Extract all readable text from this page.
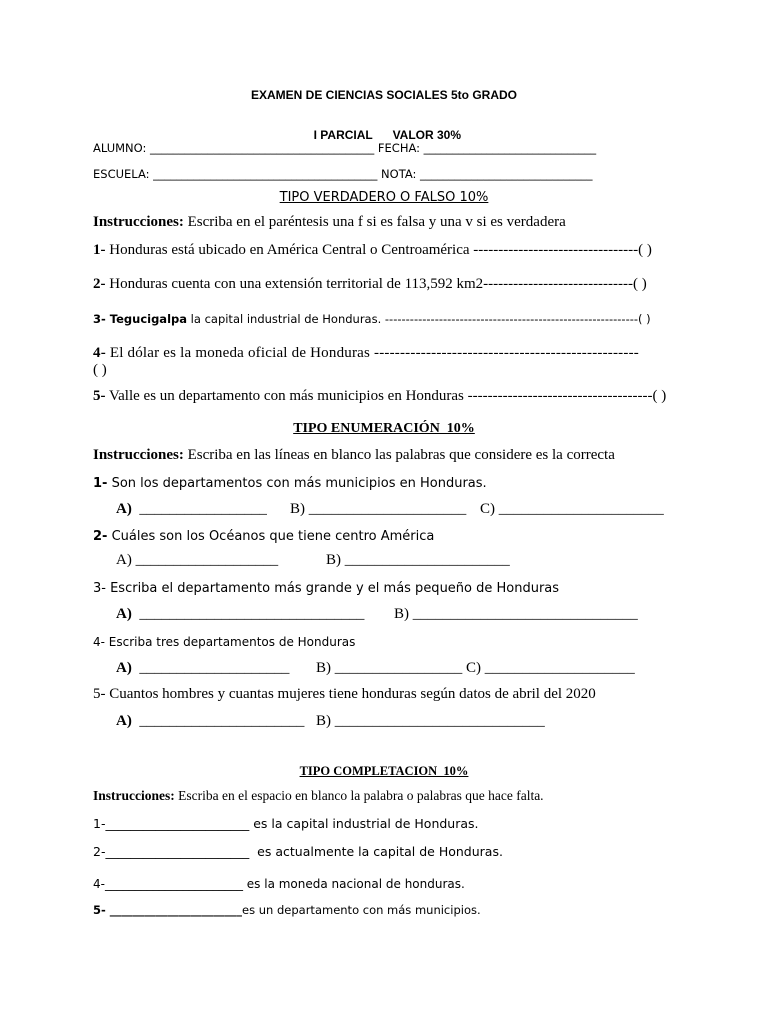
EXAMEN DE CIENCIAS SOCIALES 5to GRADO

I PARCIAL VALOR 30%

ALUMNO: _______________________________________ FECHA: ______________________________
ESCUELA: _______________________________________ NOTA: ______________________________
TIPO VERDADERO O FALSO 10%
Instrucciones: Escriba en el paréntesis una f si es falsa y una v si es verdadera
1- Honduras está ubicado en América Central o Centroamérica ---------------------------------( )
2- Honduras cuenta con una extensión territorial de 113,592 km2------------------------------( )
3- Tegucigalpa la capital industrial de Honduras. -------------------------------------------------------------( )
4- El dólar es la moneda oficial de Honduras ---------------------------------------------------
( )
5- Valle es un departamento con más municipios en Honduras -------------------------------------( )
TIPO ENUMERACIÓN  10%
Instrucciones: Escriba en las líneas en blanco las palabras que considere es la correcta
1- Son los departamentos con más municipios en Honduras.
A)  _________________ B) _____________________ C) ______________________
2- Cuáles son los Océanos que tiene centro América
A) ___________________	B) ______________________
3- Escriba el departamento más grande y el más pequeño de Honduras
A)  ______________________________ B) ______________________________
4- Escriba tres departamentos de Honduras
A)  ____________________ B) _________________ C) ____________________
5- Cuantos hombres y cuantas mujeres tiene honduras según datos de abril del 2020
A)  ______________________ B) ____________________________
TIPO COMPLETACION  10%
Instrucciones: Escriba en el espacio en blanco la palabra o palabras que hace falta.
1-_______________________ es la capital industrial de Honduras.
2-_______________________  es actualmente la capital de Honduras.
4-_______________________ es la moneda nacional de honduras.
5- _______________________es un departamento con más municipios.
